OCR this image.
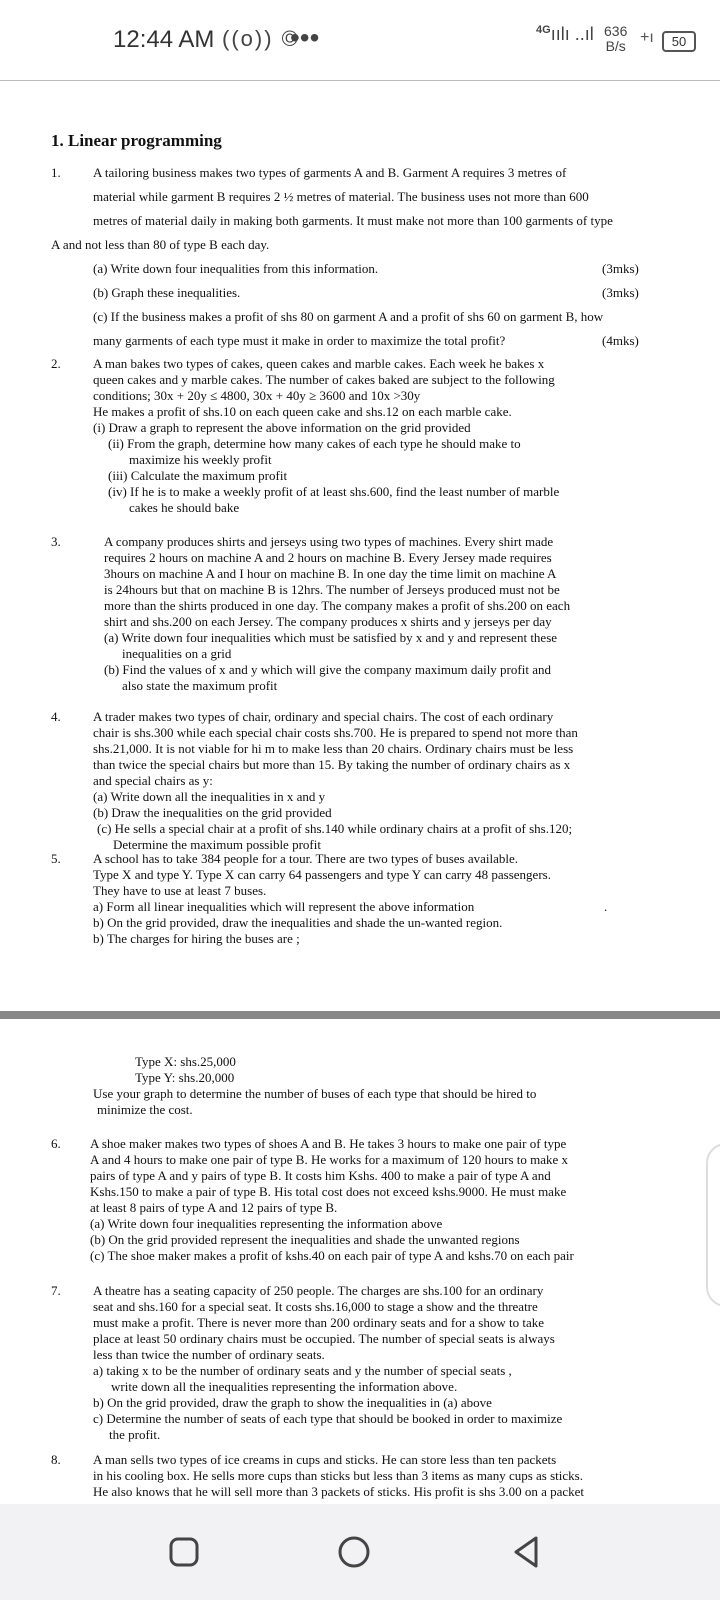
12:44 AM ((o)) ©
•••	$^{4G}$ıılı ..ıl 636
B/s +ı	50
1. Linear programming
1. A tailoring business makes two types of garments A and B. Garment A requires 3 metres of
material while garment B requires 2 ½ metres of material. The business uses not more than 600
metres of material daily in making both garments. It must make not more than 100 garments of type
A and not less than 80 of type B each day.
(a) Write down four inequalities from this information.	(3mks)
(b) Graph these inequalities.	(3mks)
(c) If the business makes a profit of shs 80 on garment A and a profit of shs 60 on garment B, how
many garments of each type must it make in order to maximize the total profit?	(4mks)
2. A man bakes two types of cakes, queen cakes and marble cakes. Each week he bakes x
queen cakes and y marble cakes. The number of cakes baked are subject to the following
conditions; 30x + 20y ≤ 4800, 30x + 40y ≥ 3600 and 10x >30y
He makes a profit of shs.10 on each queen cake and shs.12 on each marble cake.
(i) Draw a graph to represent the above information on the grid provided
(ii) From the graph, determine how many cakes of each type he should make to
maximize his weekly profit
(iii) Calculate the maximum profit
(iv) If he is to make a weekly profit of at least shs.600, find the least number of marble
cakes he should bake
3.	A company produces shirts and jerseys using two types of machines. Every shirt made
requires 2 hours on machine A and 2 hours on machine B. Every Jersey made requires
3hours on machine A and I hour on machine B. In one day the time limit on machine A
is 24hours but that on machine B is 12hrs. The number of Jerseys produced must not be
more than the shirts produced in one day. The company makes a profit of shs.200 on each
shirt and shs.200 on each Jersey. The company produces x shirts and y jerseys per day
(a) Write down four inequalities which must be satisfied by x and y and represent these
inequalities on a grid
(b) Find the values of x and y which will give the company maximum daily profit and
also state the maximum profit
4. A trader makes two types of chair, ordinary and special chairs. The cost of each ordinary
chair is shs.300 while each special chair costs shs.700. He is prepared to spend not more than
shs.21,000. It is not viable for hi m to make less than 20 chairs. Ordinary chairs must be less
than twice the special chairs but more than 15. By taking the number of ordinary chairs as x
and special chairs as y:
(a) Write down all the inequalities in x and y
(b) Draw the inequalities on the grid provided
(c) He sells a special chair at a profit of shs.140 while ordinary chairs at a profit of shs.120;
Determine the maximum possible profit
5. A school has to take 384 people for a tour. There are two types of buses available.
Type X and type Y. Type X can carry 64 passengers and type Y can carry 48 passengers.
They have to use at least 7 buses.
a) Form all linear inequalities which will represent the above information
b) On the grid provided, draw the inequalities and shade the un-wanted region.
b) The charges for hiring the buses are ;
.
Type X: shs.25,000
Type Y: shs.20,000
Use your graph to determine the number of buses of each type that should be hired to
minimize the cost.
6. A shoe maker makes two types of shoes A and B. He takes 3 hours to make one pair of type
A and 4 hours to make one pair of type B. He works for a maximum of 120 hours to make x
pairs of type A and y pairs of type B. It costs him Kshs. 400 to make a pair of type A and
Kshs.150 to make a pair of type B. His total cost does not exceed kshs.9000. He must make
at least 8 pairs of type A and 12 pairs of type B.
(a) Write down four inequalities representing the information above
(b) On the grid provided represent the inequalities and shade the unwanted regions
(c) The shoe maker makes a profit of kshs.40 on each pair of type A and kshs.70 on each pair
7. A theatre has a seating capacity of 250 people. The charges are shs.100 for an ordinary
seat and shs.160 for a special seat. It costs shs.16,000 to stage a show and the threatre
must make a profit. There is never more than 200 ordinary seats and for a show to take
place at least 50 ordinary chairs must be occupied. The number of special seats is always
less than twice the number of ordinary seats.
a) taking x to be the number of ordinary seats and y the number of special seats ,
write down all the inequalities representing the information above.
b) On the grid provided, draw the graph to show the inequalities in (a) above
c) Determine the number of seats of each type that should be booked in order to maximize
the profit.
8. A man sells two types of ice creams in cups and sticks. He can store less than ten packets
in his cooling box. He sells more cups than sticks but less than 3 items as many cups as sticks.
He also knows that he will sell more than 3 packets of sticks. His profit is shs 3.00 on a packet
